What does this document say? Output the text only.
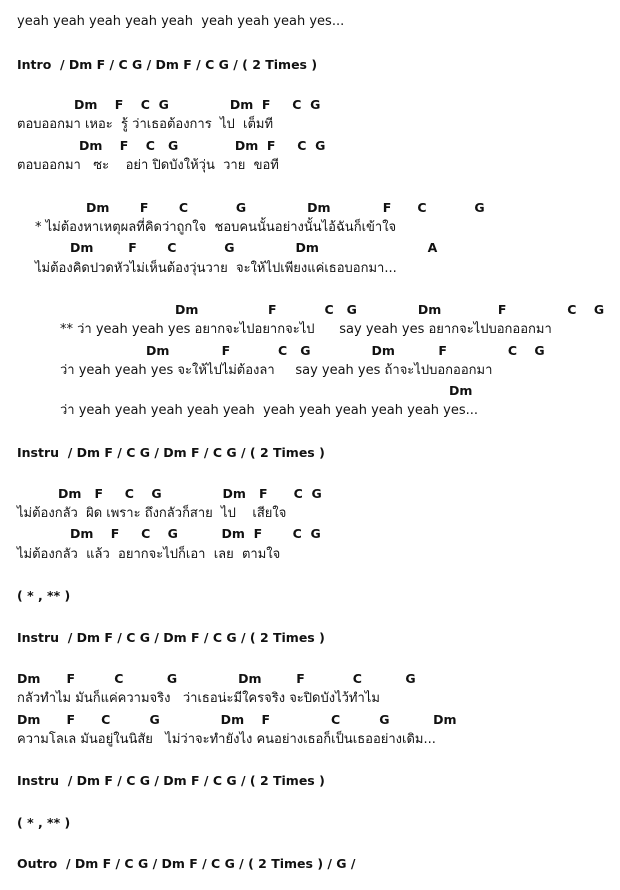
yeah yeah yeah yeah yeah  yeah yeah yeah yes...
Intro  / Dm F / C G / Dm F / C G / ( 2 Times )
Dm    F    C  G              Dm  F     C  G
ตอบออกมา เหอะ  รู้ ว่าเธอต้องการ  ไป  เต็มที
Dm    F    C   G             Dm  F     C  G
ตอบออกมา   ซะ    อย่า ปิดบังให้วุ่น  วาย  ขอที
Dm       F       C           G              Dm            F      C           G
* ไม่ต้องหาเหตุผลที่คิดว่าถูกใจ  ชอบคนนั้นอย่างนั้นไอ้ฉันก็เข้าใจ
Dm        F       C           G              Dm                         A
ไม่ต้องคิดปวดหัวไม่เห็นต้องวุ่นวาย  จะให้ไปเพียงแค่เธอบอกมา...
Dm                F           C   G              Dm             F              C    G
** ว่า yeah yeah yes อยากจะไปอยากจะไป      say yeah yes อยากจะไปบอกออกมา
Dm            F           C   G              Dm          F              C    G
ว่า yeah yeah yes จะให้ไปไม่ต้องลา     say yeah yes ถ้าจะไปบอกออกมา
Dm
ว่า yeah yeah yeah yeah yeah  yeah yeah yeah yeah yeah yes...
Instru  / Dm F / C G / Dm F / C G / ( 2 Times )
Dm   F     C    G              Dm   F      C  G
ไม่ต้องกลัว  ผิด เพราะ ถึงกลัวก็สาย  ไป    เสียใจ
Dm    F     C    G          Dm  F       C  G
ไม่ต้องกลัว  แล้ว  อยากจะไปก็เอา  เลย  ตามใจ
( * , ** )
Instru  / Dm F / C G / Dm F / C G / ( 2 Times )
Dm      F         C          G              Dm        F           C          G
กลัวทำไม มันก็แค่ความจริง   ว่าเธอน่ะมีใครจริง จะปิดบังไว้ทำไม
Dm      F      C         G              Dm    F              C         G          Dm
ความโลเล มันอยู่ในนิสัย   ไม่ว่าจะทำยังไง คนอย่างเธอก็เป็นเธออย่างเดิม...
Instru  / Dm F / C G / Dm F / C G / ( 2 Times )
( * , ** )
Outro  / Dm F / C G / Dm F / C G / ( 2 Times ) / G /
